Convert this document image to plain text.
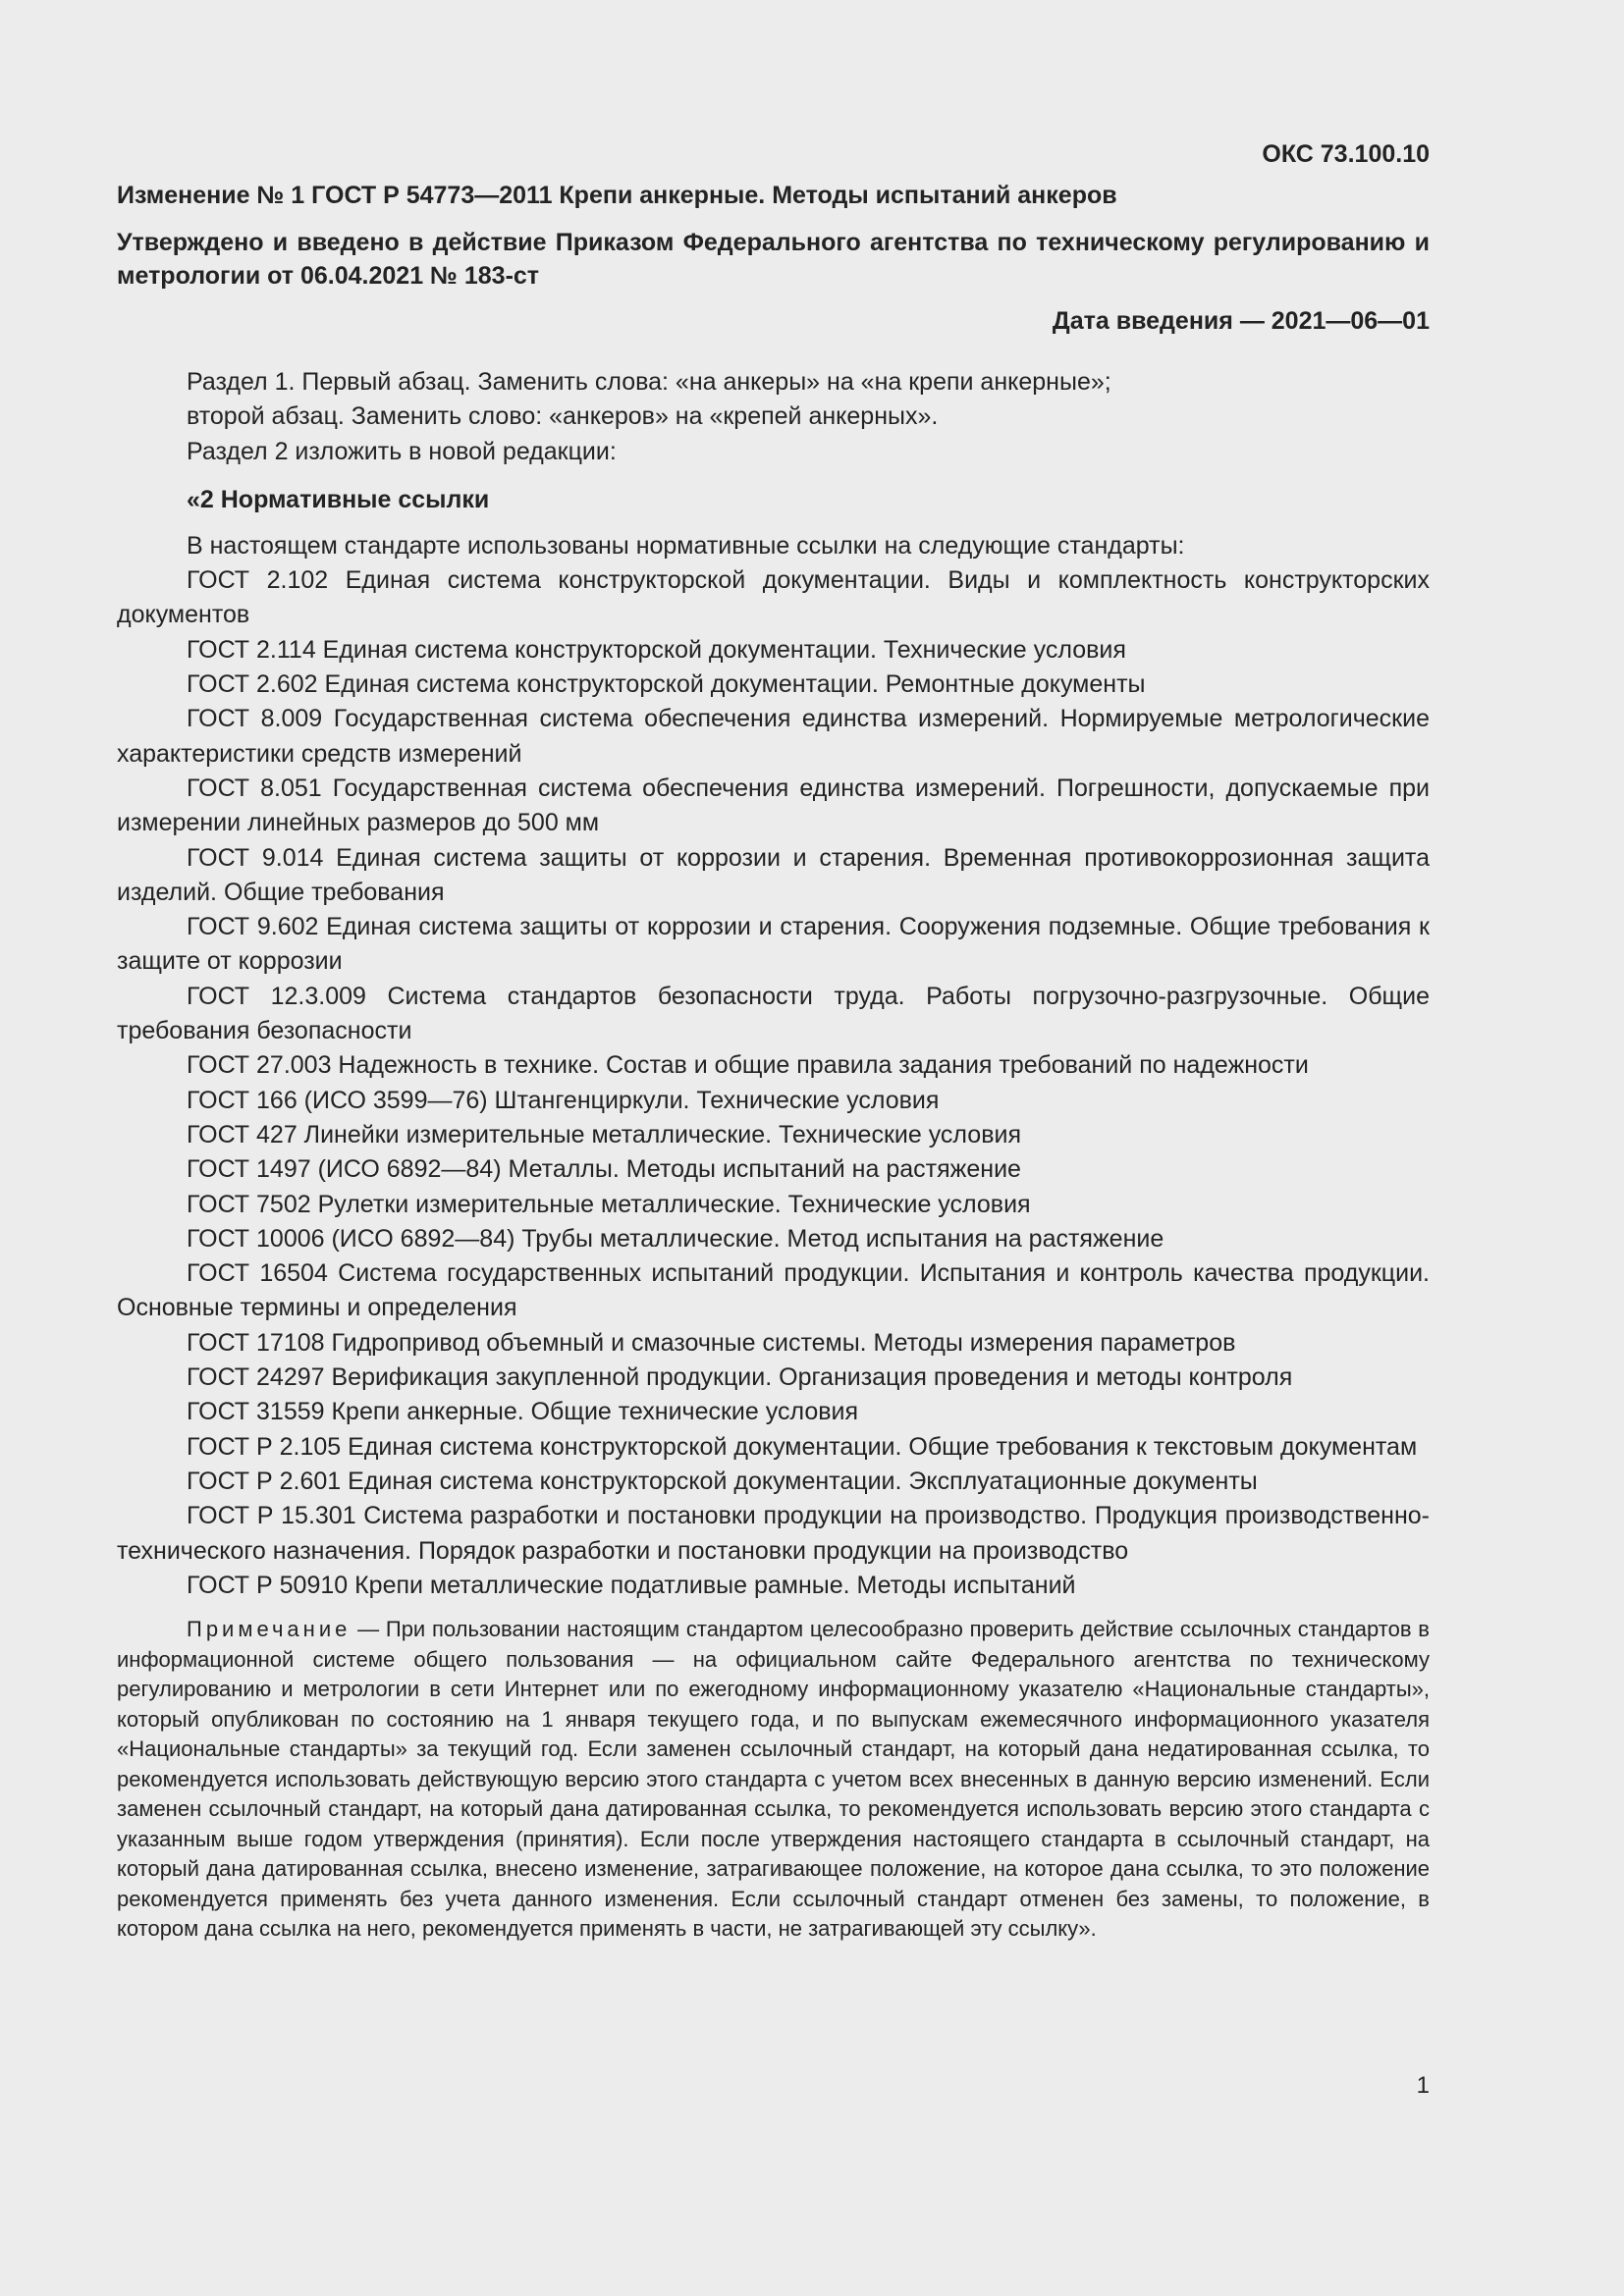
ОКС 73.100.10
Изменение № 1 ГОСТ Р 54773—2011 Крепи анкерные. Методы испытаний анкеров
Утверждено и введено в действие Приказом Федерального агентства по техническому регулированию и метрологии от 06.04.2021 № 183-ст
Дата введения — 2021—06—01
Раздел 1. Первый абзац. Заменить слова: «на анкеры» на «на крепи анкерные»;
второй абзац. Заменить слово: «анкеров» на «крепей анкерных».
Раздел 2 изложить в новой редакции:
«2 Нормативные ссылки
В настоящем стандарте использованы нормативные ссылки на следующие стандарты:
ГОСТ 2.102 Единая система конструкторской документации. Виды и комплектность конструкторских документов
ГОСТ 2.114 Единая система конструкторской документации. Технические условия
ГОСТ 2.602 Единая система конструкторской документации. Ремонтные документы
ГОСТ 8.009 Государственная система обеспечения единства измерений. Нормируемые метрологические характеристики средств измерений
ГОСТ 8.051 Государственная система обеспечения единства измерений. Погрешности, допускаемые при измерении линейных размеров до 500 мм
ГОСТ 9.014 Единая система защиты от коррозии и старения. Временная противокоррозионная защита изделий. Общие требования
ГОСТ 9.602 Единая система защиты от коррозии и старения. Сооружения подземные. Общие требования к защите от коррозии
ГОСТ 12.3.009 Система стандартов безопасности труда. Работы погрузочно-разгрузочные. Общие требования безопасности
ГОСТ 27.003 Надежность в технике. Состав и общие правила задания требований по надежности
ГОСТ 166 (ИСО 3599—76) Штангенциркули. Технические условия
ГОСТ 427 Линейки измерительные металлические. Технические условия
ГОСТ 1497 (ИСО 6892—84) Металлы. Методы испытаний на растяжение
ГОСТ 7502 Рулетки измерительные металлические. Технические условия
ГОСТ 10006 (ИСО 6892—84) Трубы металлические. Метод испытания на растяжение
ГОСТ 16504 Система государственных испытаний продукции. Испытания и контроль качества продукции. Основные термины и определения
ГОСТ 17108 Гидропривод объемный и смазочные системы. Методы измерения параметров
ГОСТ 24297 Верификация закупленной продукции. Организация проведения и методы контроля
ГОСТ 31559 Крепи анкерные. Общие технические условия
ГОСТ Р 2.105 Единая система конструкторской документации. Общие требования к текстовым документам
ГОСТ Р 2.601 Единая система конструкторской документации. Эксплуатационные документы
ГОСТ Р 15.301 Система разработки и постановки продукции на производство. Продукция производственно-технического назначения. Порядок разработки и постановки продукции на производство
ГОСТ Р 50910 Крепи металлические податливые рамные. Методы испытаний
Примечание — При пользовании настоящим стандартом целесообразно проверить действие ссылочных стандартов в информационной системе общего пользования — на официальном сайте Федерального агентства по техническому регулированию и метрологии в сети Интернет или по ежегодному информационному указателю «Национальные стандарты», который опубликован по состоянию на 1 января текущего года, и по выпускам ежемесячного информационного указателя «Национальные стандарты» за текущий год. Если заменен ссылочный стандарт, на который дана недатированная ссылка, то рекомендуется использовать действующую версию этого стандарта с учетом всех внесенных в данную версию изменений. Если заменен ссылочный стандарт, на который дана датированная ссылка, то рекомендуется использовать версию этого стандарта с указанным выше годом утверждения (принятия). Если после утверждения настоящего стандарта в ссылочный стандарт, на который дана датированная ссылка, внесено изменение, затрагивающее положение, на которое дана ссылка, то это положение рекомендуется применять без учета данного изменения. Если ссылочный стандарт отменен без замены, то положение, в котором дана ссылка на него, рекомендуется применять в части, не затрагивающей эту ссылку».
1
